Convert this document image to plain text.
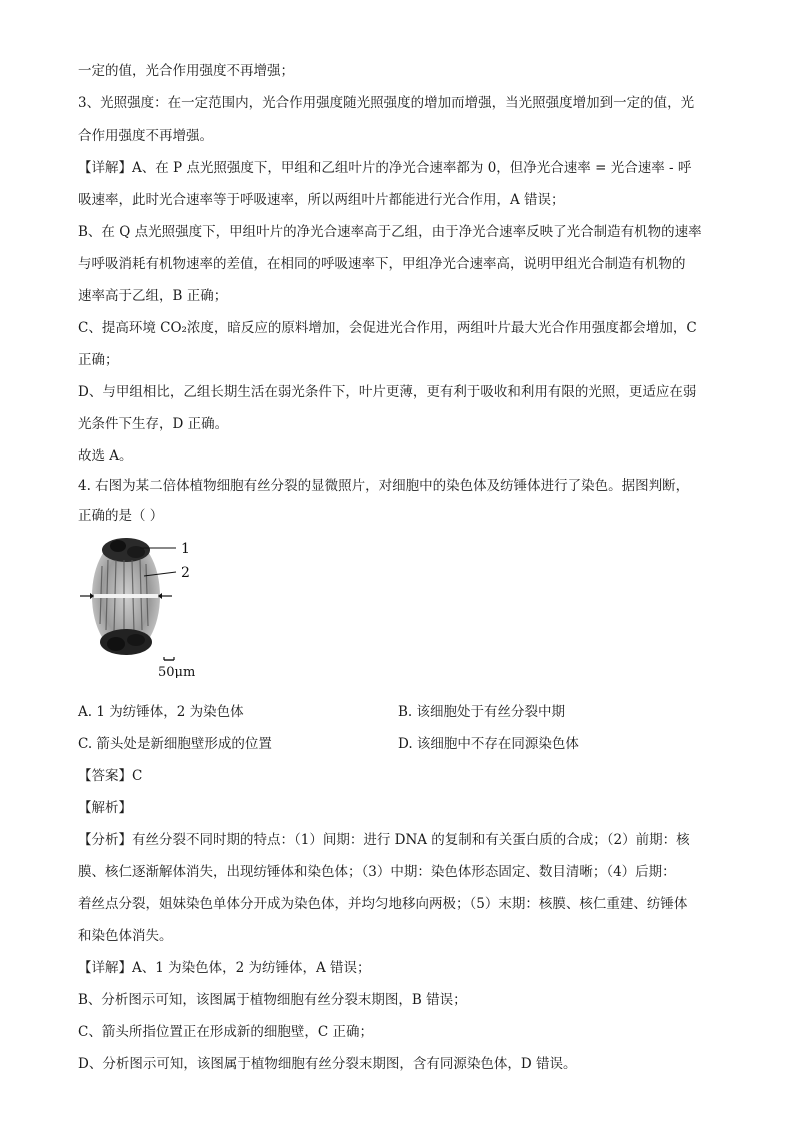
一定的值，光合作用强度不再增强；
3、光照强度：在一定范围内，光合作用强度随光照强度的增加而增强，当光照强度增加到一定的值，光
合作用强度不再增强。
【详解】A、在 P 点光照强度下，甲组和乙组叶片的净光合速率都为 0，但净光合速率 = 光合速率 - 呼
吸速率，此时光合速率等于呼吸速率，所以两组叶片都能进行光合作用，A 错误；
B、在 Q 点光照强度下，甲组叶片的净光合速率高于乙组，由于净光合速率反映了光合制造有机物的速率
与呼吸消耗有机物速率的差值，在相同的呼吸速率下，甲组净光合速率高，说明甲组光合制造有机物的
速率高于乙组，B 正确；
C、提高环境 CO₂浓度，暗反应的原料增加，会促进光合作用，两组叶片最大光合作用强度都会增加，C
正确；
D、与甲组相比，乙组长期生活在弱光条件下，叶片更薄，更有利于吸收和利用有限的光照，更适应在弱
光条件下生存，D 正确。
故选 A。
4. 右图为某二倍体植物细胞有丝分裂的显微照片，对细胞中的染色体及纺锤体进行了染色。据图判断，
正确的是（ ）
1
2
50μm
A. 1 为纺锤体，2 为染色体	B. 该细胞处于有丝分裂中期
C. 箭头处是新细胞壁形成的位置	D. 该细胞中不存在同源染色体
【答案】C
【解析】
【分析】有丝分裂不同时期的特点：（1）间期：进行 DNA 的复制和有关蛋白质的合成；（2）前期：核
膜、核仁逐渐解体消失，出现纺锤体和染色体；（3）中期：染色体形态固定、数目清晰；（4）后期：
着丝点分裂，姐妹染色单体分开成为染色体，并均匀地移向两极；（5）末期：核膜、核仁重建、纺锤体
和染色体消失。
【详解】A、1 为染色体，2 为纺锤体，A 错误；
B、分析图示可知，该图属于植物细胞有丝分裂末期图，B 错误；
C、箭头所指位置正在形成新的细胞壁，C 正确；
D、分析图示可知，该图属于植物细胞有丝分裂末期图，含有同源染色体，D 错误。
